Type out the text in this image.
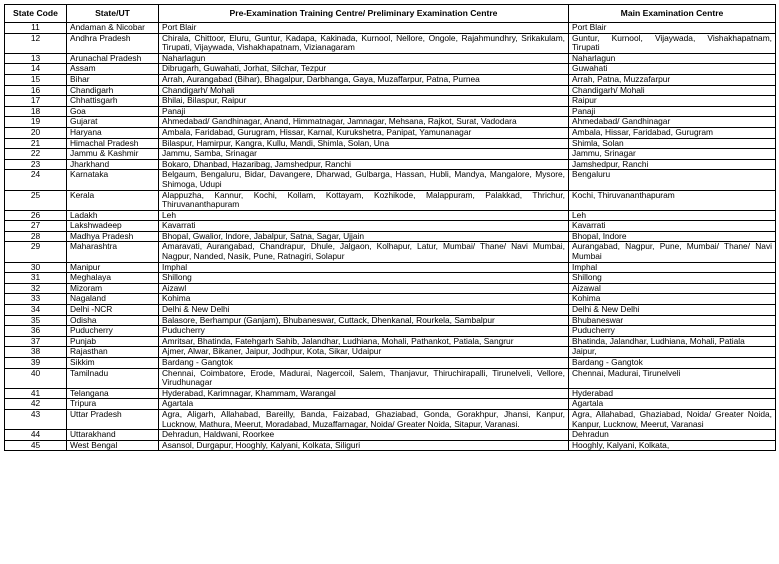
State Code	State/UT	Pre-Examination Training Centre/ Preliminary Examination Centre	Main Examination Centre
11	Andaman & Nicobar	Port Blair	Port Blair
12	Andhra Pradesh	Chirala, Chittoor, Eluru, Guntur, Kadapa, Kakinada, Kurnool, Nellore, Ongole, Rajahmundhry, Srikakulam, Tirupati, Vijaywada, Vishakhapatnam, Vizianagaram	Guntur, Kurnool, Vijaywada, Vishakhapatnam, Tirupati
13	Arunachal Pradesh	Naharlagun	Naharlagun
14	Assam	Dibrugarh, Guwahati, Jorhat, Silchar, Tezpur	Guwahati
15	Bihar	Arrah, Aurangabad (Bihar), Bhagalpur, Darbhanga, Gaya, Muzaffarpur, Patna, Purnea	Arrah, Patna, Muzzafarpur
16	Chandigarh	Chandigarh/ Mohali	Chandigarh/ Mohali
17	Chhattisgarh	Bhilai, Bilaspur, Raipur	Raipur
18	Goa	Panaji	Panaji
19	Gujarat	Ahmedabad/ Gandhinagar, Anand, Himmatnagar, Jamnagar, Mehsana, Rajkot, Surat, Vadodara	Ahmedabad/ Gandhinagar
20	Haryana	Ambala, Faridabad, Gurugram, Hissar, Karnal, Kurukshetra, Panipat, Yamunanagar	Ambala, Hissar, Faridabad, Gurugram
21	Himachal Pradesh	Bilaspur, Hamirpur, Kangra, Kullu, Mandi, Shimla, Solan, Una	Shimla, Solan
22	Jammu & Kashmir	Jammu, Samba, Srinagar	Jammu, Srinagar
23	Jharkhand	Bokaro, Dhanbad, Hazaribag, Jamshedpur, Ranchi	Jamshedpur, Ranchi
24	Karnataka	Belgaum, Bengaluru, Bidar, Davangere, Dharwad, Gulbarga, Hassan, Hubli, Mandya, Mangalore, Mysore, Shimoga, Udupi	Bengaluru
25	Kerala	Alappuzha, Kannur, Kochi, Kollam, Kottayam, Kozhikode, Malappuram, Palakkad, Thrichur, Thiruvananthapuram	Kochi, Thiruvananthapuram
26	Ladakh	Leh	Leh
27	Lakshwadeep	Kavarrati	Kavarrati
28	Madhya Pradesh	Bhopal, Gwalior, Indore, Jabalpur, Satna, Sagar, Ujjain	Bhopal, Indore
29	Maharashtra	Amaravati, Aurangabad, Chandrapur, Dhule, Jalgaon, Kolhapur, Latur, Mumbai/ Thane/ Navi Mumbai, Nagpur, Nanded, Nasik, Pune, Ratnagiri, Solapur	Aurangabad, Nagpur, Pune, Mumbai/ Thane/ Navi Mumbai
30	Manipur	Imphal	Imphal
31	Meghalaya	Shillong	Shillong
32	Mizoram	Aizawl	Aizawal
33	Nagaland	Kohima	Kohima
34	Delhi -NCR	Delhi & New Delhi	Delhi & New Delhi
35	Odisha	Balasore, Berhampur (Ganjam), Bhubaneswar, Cuttack, Dhenkanal, Rourkela, Sambalpur	Bhubaneswar
36	Puducherry	Puducherry	Puducherry
37	Punjab	Amritsar, Bhatinda, Fatehgarh Sahib, Jalandhar, Ludhiana, Mohali, Pathankot, Patiala, Sangrur	Bhatinda, Jalandhar, Ludhiana, Mohali, Patiala
38	Rajasthan	Ajmer, Alwar, Bikaner, Jaipur, Jodhpur, Kota, Sikar, Udaipur	Jaipur,
39	Sikkim	Bardang - Gangtok	Bardang - Gangtok
40	Tamilnadu	Chennai, Coimbatore, Erode, Madurai, Nagercoil, Salem, Thanjavur, Thiruchirapalli, Tirunelveli, Vellore, Virudhunagar	Chennai, Madurai, Tirunelveli
41	Telangana	Hyderabad, Karimnagar, Khammam, Warangal	Hyderabad
42	Tripura	Agartala	Agartala
43	Uttar Pradesh	Agra, Aligarh, Allahabad, Bareilly, Banda, Faizabad, Ghaziabad, Gonda, Gorakhpur, Jhansi, Kanpur, Lucknow, Mathura, Meerut, Moradabad, Muzaffarnagar, Noida/ Greater Noida, Sitapur, Varanasi.	Agra, Allahabad, Ghaziabad, Noida/ Greater Noida, Kanpur, Lucknow, Meerut, Varanasi
44	Uttarakhand	Dehradun, Haldwani, Roorkee	Dehradun
45	West Bengal	Asansol, Durgapur, Hooghly, Kalyani, Kolkata, Siliguri	Hooghly, Kalyani, Kolkata,
